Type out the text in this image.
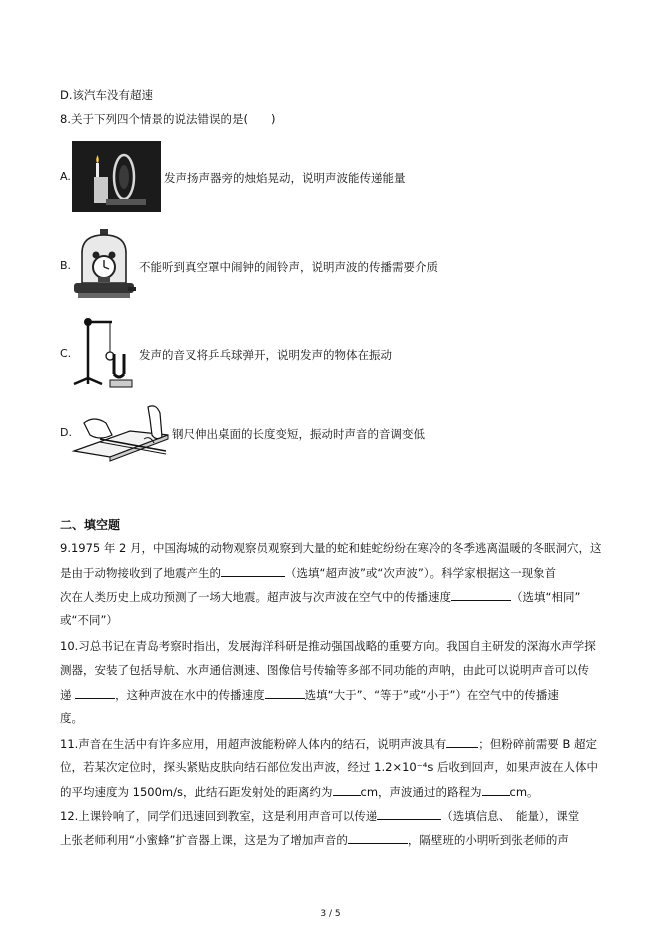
D.该汽车没有超速
8.关于下列四个情景的说法错误的是(　　)
A.	发声扬声器旁的烛焰晃动，说明声波能传递能量
B.	不能听到真空罩中闹钟的闹铃声，说明声波的传播需要介质
C.	发声的音叉将乒乓球弹开，说明发声的物体在振动
D.	钢尺伸出桌面的长度变短，振动时声音的音调变低
二、填空题
9.1975 年 2 月，中国海城的动物观察员观察到大量的蛇和蛙蛇纷纷在寒冷的冬季逃离温暖的冬眠洞穴，这
是由于动物接收到了地震产生的	（选填“超声波”或“次声波”）。科学家根据这一现象首
次在人类历史上成功预测了一场大地震。超声波与次声波在空气中的传播速度	（选填“相同”
或“不同”）
10.习总书记在青岛考察时指出，发展海洋科研是推动强国战略的重要方向。我国自主研发的深海水声学探
测器，安装了包括导航、水声通信测速、图像信号传输等多部不同功能的声呐，由此可以说明声音可以传
递	，这种声波在水中的传播速度	选填“大于”、“等于”或“小于”）在空气中的传播速
度。
11.声音在生活中有许多应用，用超声波能粉碎人体内的结石，说明声波具有	；但粉碎前需要 B 超定
位，若某次定位时，探头紧贴皮肤向结石部位发出声波，经过 1.2×10⁻⁴s 后收到回声，如果声波在人体中
的平均速度为 1500m/s，此结石距发射处的距离约为 cm，声波通过的路程为 cm。
12.上课铃响了，同学们迅速回到教室，这是利用声音可以传递	（选填信息、　能量），课堂
上张老师利用“小蜜蜂”扩音器上课，这是为了增加声音的	，隔壁班的小明听到张老师的声
3 / 5
